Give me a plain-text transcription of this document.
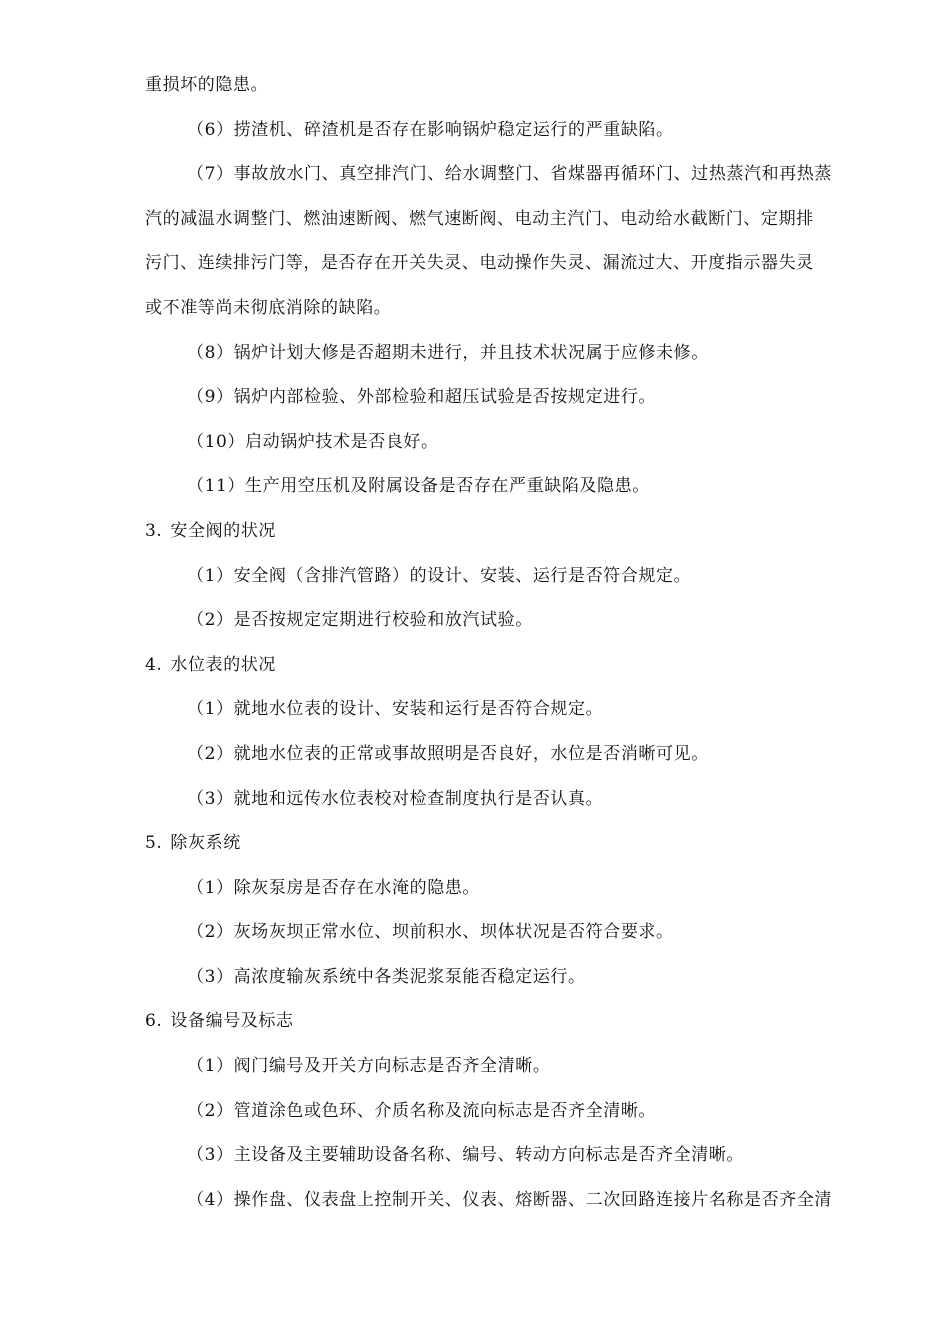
重损坏的隐患。
（6）捞渣机、碎渣机是否存在影响锅炉稳定运行的严重缺陷。
（7）事故放水门、真空排汽门、给水调整门、省煤器再循环门、过热蒸汽和再热蒸
汽的减温水调整门、燃油速断阀、燃气速断阀、电动主汽门、电动给水截断门、定期排
污门、连续排污门等，是否存在开关失灵、电动操作失灵、漏流过大、开度指示器失灵
或不准等尚未彻底消除的缺陷。
（8）锅炉计划大修是否超期未进行，并且技术状况属于应修未修。
（9）锅炉内部检验、外部检验和超压试验是否按规定进行。
（10）启动锅炉技术是否良好。
（11）生产用空压机及附属设备是否存在严重缺陷及隐患。
3. 安全阀的状况
（1）安全阀（含排汽管路）的设计、安装、运行是否符合规定。
（2）是否按规定定期进行校验和放汽试验。
4. 水位表的状况
（1）就地水位表的设计、安装和运行是否符合规定。
（2）就地水位表的正常或事故照明是否良好，水位是否消晰可见。
（3）就地和远传水位表校对检查制度执行是否认真。
5. 除灰系统
（1）除灰泵房是否存在水淹的隐患。
（2）灰场灰坝正常水位、坝前积水、坝体状况是否符合要求。
（3）高浓度输灰系统中各类泥浆泵能否稳定运行。
6. 设备编号及标志
（1）阀门编号及开关方向标志是否齐全清晰。
（2）管道涂色或色环、介质名称及流向标志是否齐全清晰。
（3）主设备及主要辅助设备名称、编号、转动方向标志是否齐全清晰。
（4）操作盘、仪表盘上控制开关、仪表、熔断器、二次回路连接片名称是否齐全清
